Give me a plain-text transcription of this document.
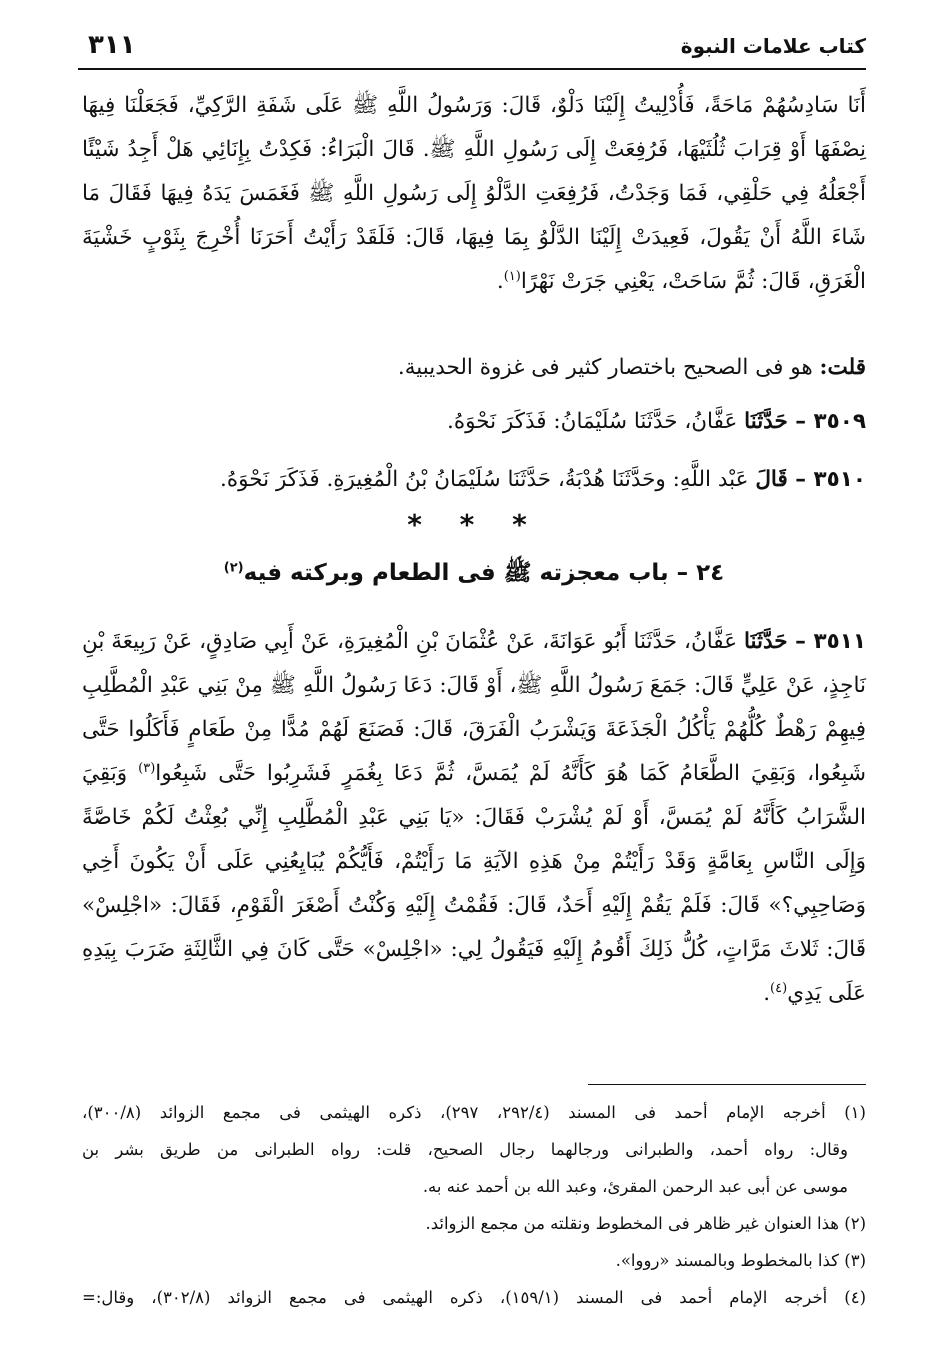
كتاب علامات النبوة
٣١١
أَنَا سَادِسُهُمْ مَاحَةً، فَأُدْلِيتُ إِلَيْنَا دَلْوٌ، قَالَ: وَرَسُولُ اللَّهِ ﷺ عَلَى شَفَةِ الرَّكِيِّ، فَجَعَلْنَا فِيهَا نِصْفَهَا أَوْ قِرَابَ ثُلُثَيْهَا، فَرُفِعَتْ إِلَى رَسُولِ اللَّهِ ﷺ. قَالَ الْبَرَاءُ: فَكِدْتُ بِإِنَائِي هَلْ أَجِدُ شَيْئًا أَجْعَلُهُ فِي حَلْقِي، فَمَا وَجَدْتُ، فَرُفِعَتِ الدَّلْوُ إِلَى رَسُولِ اللَّهِ ﷺ فَغَمَسَ يَدَهُ فِيهَا فَقَالَ مَا شَاءَ اللَّهُ أَنْ يَقُولَ، فَعِيدَتْ إِلَيْنَا الدَّلْوُ بِمَا فِيهَا، قَالَ: فَلَقَدْ رَأَيْتُ أَحَرَنَا أُخْرِجَ بِثَوْبٍ خَشْيَةَ الْغَرَقِ، قَالَ: ثُمَّ سَاحَتْ، يَعْنِي جَرَتْ نَهْرًا$^{(١)}$.
قلت: هو فى الصحيح باختصار كثير فى غزوة الحديبية.
٣٥٠٩ – حَدَّثَنَا عَفَّانُ، حَدَّثَنَا سُلَيْمَانُ: فَذَكَرَ نَحْوَهُ.
٣٥١٠ – قَالَ عَبْد اللَّهِ: وحَدَّثَنَا هُدْبَةُ، حَدَّثَنَا سُلَيْمَانُ بْنُ الْمُغِيرَةِ. فَذَكَرَ نَحْوَهُ.
* * *
٢٤ – باب معجزته ﷺ فى الطعام وبركته فيه$^{(٢)}$
٣٥١١ – حَدَّثَنَا عَفَّانُ، حَدَّثَنَا أَبُو عَوَانَةَ، عَنْ عُثْمَانَ بْنِ الْمُغِيرَةِ، عَنْ أَبِي صَادِقٍ، عَنْ رَبِيعَةَ بْنِ نَاجِذٍ، عَنْ عَلِيٍّ قَالَ: جَمَعَ رَسُولُ اللَّهِ ﷺ، أَوْ قَالَ: دَعَا رَسُولُ اللَّهِ ﷺ مِنْ بَنِي عَبْدِ الْمُطَّلِبِ فِيهِمْ رَهْطٌ كُلُّهُمْ يَأْكُلُ الْجَذَعَةَ وَيَشْرَبُ الْفَرَقَ، قَالَ: فَصَنَعَ لَهُمْ مُدًّا مِنْ طَعَامٍ فَأَكَلُوا حَتَّى شَبِعُوا، وَبَقِيَ الطَّعَامُ كَمَا هُوَ كَأَنَّهُ لَمْ يُمَسَّ، ثُمَّ دَعَا بِغُمَرٍ فَشَرِبُوا حَتَّى شَبِعُوا$^{(٣)}$ وَبَقِيَ الشَّرَابُ كَأَنَّهُ لَمْ يُمَسَّ، أَوْ لَمْ يُشْرَبْ فَقَالَ: «يَا بَنِي عَبْدِ الْمُطَّلِبِ إِنِّي بُعِثْتُ لَكُمْ خَاصَّةً وَإِلَى النَّاسِ بِعَامَّةٍ وَقَدْ رَأَيْتُمْ مِنْ هَذِهِ الآيَةِ مَا رَأَيْتُمْ، فَأَيُّكُمْ يُبَايِعُنِي عَلَى أَنْ يَكُونَ أَخِي وَصَاحِبِي؟» قَالَ: فَلَمْ يَقُمْ إِلَيْهِ أَحَدٌ، قَالَ: فَقُمْتُ إِلَيْهِ وَكُنْتُ أَصْغَرَ الْقَوْمِ، فَقَالَ: «اجْلِسْ» قَالَ: ثَلاثَ مَرَّاتٍ، كُلُّ ذَلِكَ أَقُومُ إِلَيْهِ فَيَقُولُ لِي: «اجْلِسْ» حَتَّى كَانَ فِي الثَّالِثَةِ ضَرَبَ بِيَدِهِ عَلَى يَدِي$^{(٤)}$.
(١) أخرجه الإمام أحمد فى المسند (٢٩٢/٤، ٢٩٧)، ذكره الهيثمى فى مجمع الزوائد (٣٠٠/٨)،
وقال: رواه أحمد، والطبرانى ورجالهما رجال الصحيح، قلت: رواه الطبرانى من طريق بشر بن
موسى عن أبى عبد الرحمن المقرئ، وعبد الله بن أحمد عنه به.
(٢) هذا العنوان غير ظاهر فى المخطوط ونقلته من مجمع الزوائد.
(٣) كذا بالمخطوط وبالمسند «رووا».
(٤) أخرجه الإمام أحمد فى المسند (١٥٩/١)، ذكره الهيثمى فى مجمع الزوائد (٣٠٢/٨)، وقال:=
